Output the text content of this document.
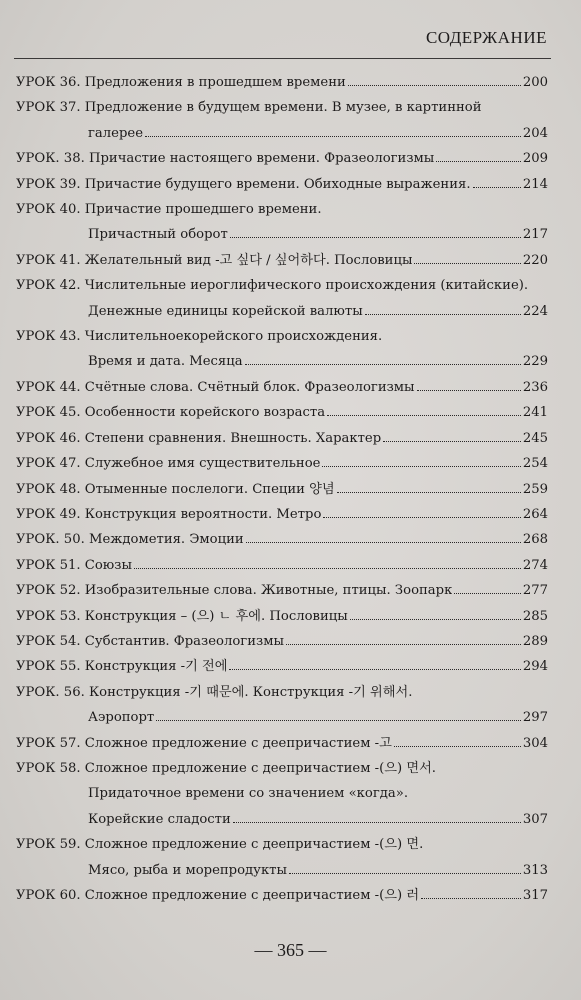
СОДЕРЖАНИЕ
УРОК 36. Предложения в прошедшем времени	200
УРОК 37. Предложение в будущем времени. В музее, в картинной
галерее	204
УРОК. 38. Причастие настоящего времени. Фразеологизмы	209
УРОК 39. Причастие будущего времени. Обиходные выражения.	214
УРОК 40. Причастие прошедшего времени.
Причастный оборот	217
УРОК 41. Желательный вид -고 싶다 / 싶어하다. Пословицы	220
УРОК 42. Числительные иероглифического происхождения (китайские).
Денежные единицы корейской валюты	224
УРОК 43. Числительноекорейского происхождения.
Время и дата. Месяца	229
УРОК 44. Счётные слова. Счётный блок. Фразеологизмы	236
УРОК 45. Особенности корейского возраста	241
УРОК 46. Степени сравнения. Внешность. Характер	245
УРОК 47. Служебное имя существительное	254
УРОК 48. Отыменные послелоги. Специи 양념	259
УРОК 49. Конструкция вероятности. Метро	264
УРОК. 50. Междометия. Эмоции	268
УРОК 51. Союзы	274
УРОК 52. Изобразительные слова. Животные, птицы. Зоопарк	277
УРОК 53. Конструкция – (으) ㄴ 후에. Пословицы	285
УРОК 54. Субстантив. Фразеологизмы	289
УРОК 55. Конструкция -기 전에	294
УРОК. 56. Конструкция -기 때문에. Конструкция -기 위해서.
Аэропорт	297
УРОК 57. Сложное предложение с деепричастием -고	304
УРОК 58. Сложное предложение с деепричастием -(으) 면서.
Придаточное времени со значением «когда».
Корейские сладости	307
УРОК 59. Сложное предложение с деепричастием -(으) 면.
Мясо, рыба и морепродукты	313
УРОК 60. Сложное предложение с деепричастием -(으) 러	317
— 365 —
